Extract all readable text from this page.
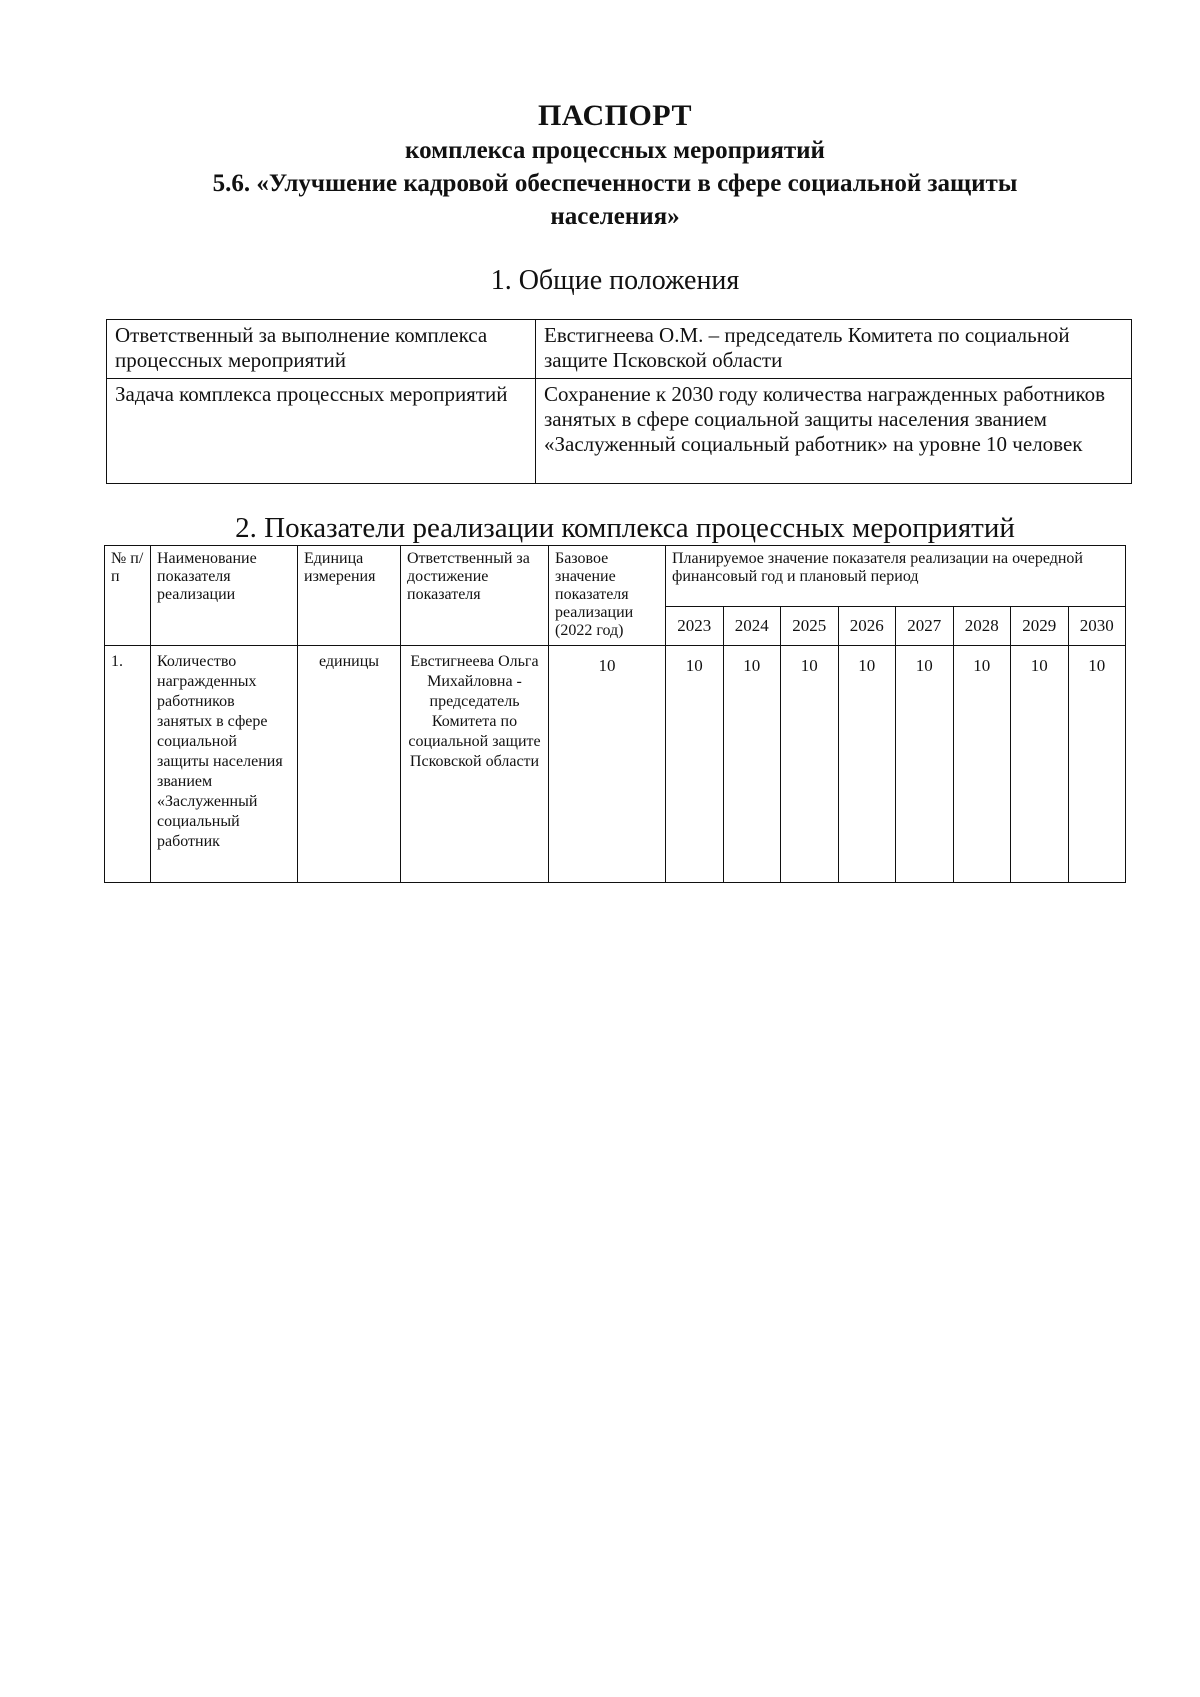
ПАСПОРТ
комплекса процессных мероприятий
5.6. «Улучшение кадровой обеспеченности в сфере социальной защиты
населения»
1. Общие положения
Ответственный за выполнение комплекса процессных мероприятий	Евстигнеева О.М. – председатель Комитета по социальной защите Псковской области
Задача комплекса процессных мероприятий	Сохранение к 2030 году количества награжденных работников занятых в сфере социальной защиты населения званием «Заслуженный социальный работник» на уровне 10 человек
2. Показатели реализации комплекса процессных мероприятий
№ п/п	Наименование показателя реализации	Единица измерения	Ответственный за достижение показателя	Базовое значение показателя реализации (2022 год)	Планируемое значение показателя реализации на очередной финансовый год и плановый период							
					2023	2024	2025	2026	2027	2028	2029	2030
1.	Количество награжденных работников занятых в сфере социальной защиты населения званием «Заслуженный социальный работник	единицы	Евстигнеева Ольга Михайловна - председатель Комитета по социальной защите Псковской области	10	10	10	10	10	10	10	10	10
